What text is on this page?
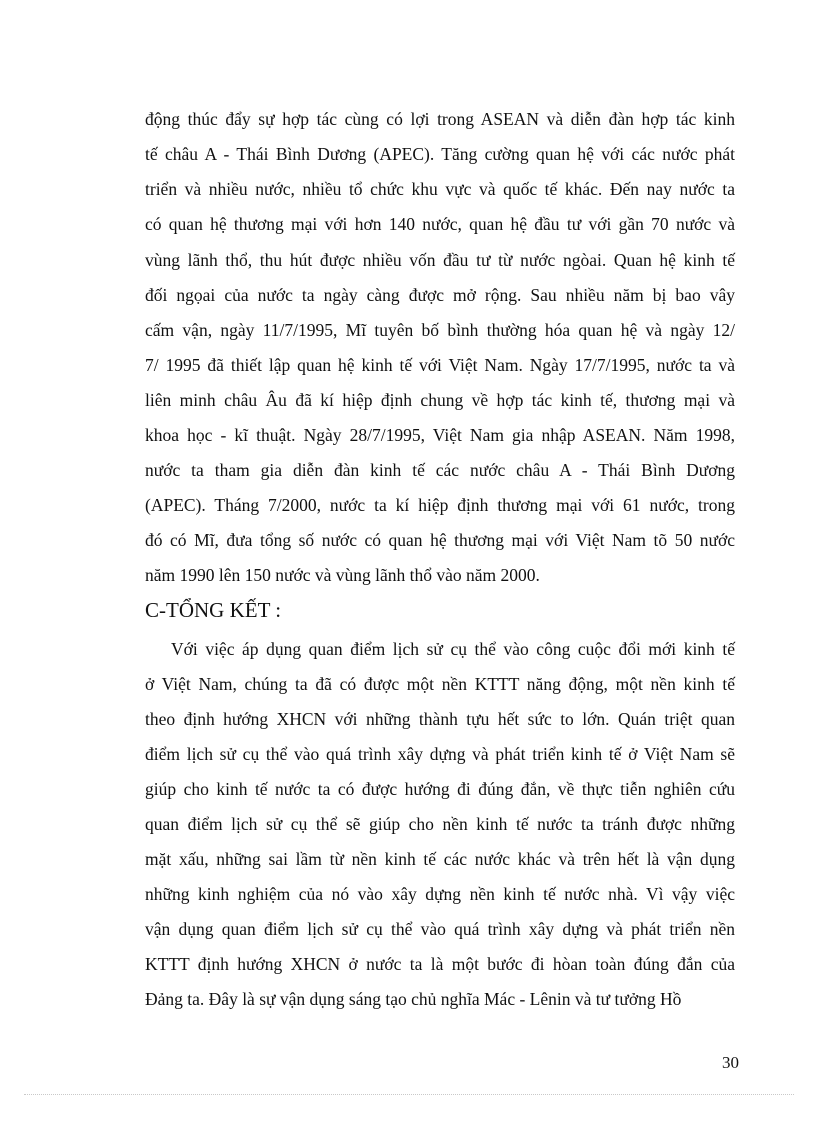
động thúc đẩy sự hợp tác cùng có lợi trong ASEAN và diễn đàn hợp tác kinh
tế châu A - Thái Bình Dương (APEC). Tăng cường quan hệ với các nước phát
triển và nhiều nước, nhiều tổ chức khu vực và quốc tế khác. Đến nay nước ta
có quan hệ thương mại với hơn 140 nước, quan hệ đầu tư với gần 70 nước và
vùng lãnh thổ, thu hút được nhiều vốn đầu tư từ nước ngòai. Quan hệ kinh tế
đối ngọai của nước ta ngày càng được mở rộng. Sau nhiều năm bị bao vây
cấm vận, ngày 11/7/1995, Mĩ tuyên bố bình thường hóa quan hệ và ngày 12/
7/ 1995 đã thiết lập quan hệ kinh tế với Việt Nam. Ngày 17/7/1995, nước ta và
liên minh châu Âu đã kí hiệp định chung về hợp tác kinh tế, thương mại và
khoa học - kĩ thuật. Ngày 28/7/1995, Việt Nam gia nhập ASEAN. Năm 1998,
nước ta tham gia diễn đàn kinh tế các nước châu A - Thái Bình Dương
(APEC). Tháng 7/2000, nước ta kí hiệp định thương mại với 61 nước, trong
đó có Mĩ, đưa tổng số nước có quan hệ thương mại với Việt Nam tõ 50 nước
năm 1990 lên 150 nước và vùng lãnh thổ vào năm 2000.
C-TỔNG KẾT :
Với việc áp dụng quan điểm lịch sử cụ thể vào công cuộc đổi mới kinh tế
ở Việt Nam, chúng ta đã có được một nền KTTT năng động, một nền kinh tế
theo định hướng XHCN với những thành tựu hết sức to lớn. Quán triệt quan
điểm lịch sử cụ thể vào quá trình xây dựng và phát triển kinh tế ở Việt Nam sẽ
giúp cho kinh tế nước ta có được hướng đi đúng đắn, về thực tiễn nghiên cứu
quan điểm lịch sử cụ thể sẽ giúp cho nền kinh tế nước ta tránh được những
mặt xấu, những sai lầm từ nền kinh tế các nước khác và trên hết là vận dụng
những kinh nghiệm của nó vào xây dựng nền kinh tế nước nhà. Vì vậy việc
vận dụng quan điểm lịch sử cụ thể vào quá trình xây dựng và phát triển nền
KTTT định hướng XHCN ở nước ta là một bước đi hòan toàn đúng đắn của
Đảng ta. Đây là sự vận dụng sáng tạo chủ nghĩa Mác - Lênin và tư tưởng Hồ
30
